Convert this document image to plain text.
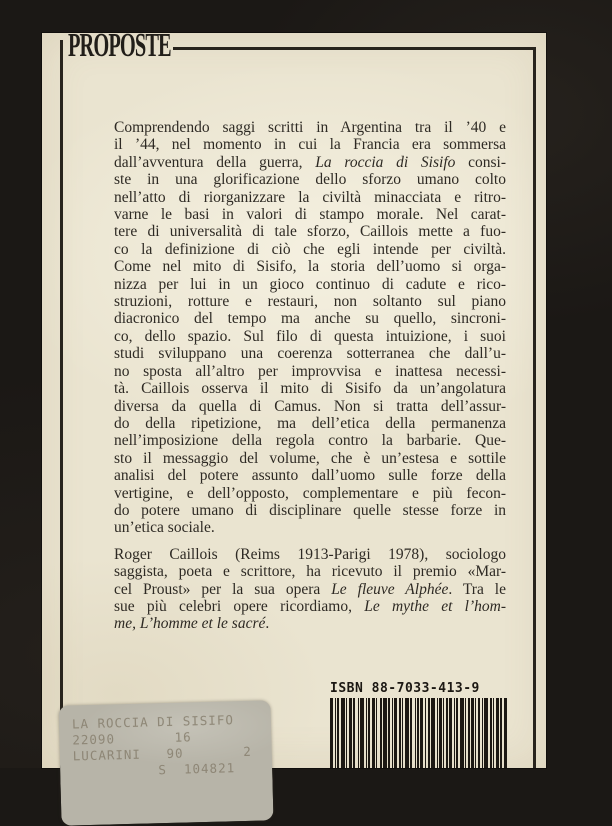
PROPOSTE
Comprendendo saggi scritti in Argentina tra il ’40 e
il ’44, nel momento in cui la Francia era sommersa
dall’avventura della guerra, La roccia di Sisifo consi-
ste in una glorificazione dello sforzo umano colto
nell’atto di riorganizzare la civiltà minacciata e ritro-
varne le basi in valori di stampo morale. Nel carat-
tere di universalità di tale sforzo, Caillois mette a fuo-
co la definizione di ciò che egli intende per civiltà.
Come nel mito di Sisifo, la storia dell’uomo si orga-
nizza per lui in un gioco continuo di cadute e rico-
struzioni, rotture e restauri, non soltanto sul piano
diacronico del tempo ma anche su quello, sincroni-
co, dello spazio. Sul filo di questa intuizione, i suoi
studi sviluppano una coerenza sotterranea che dall’u-
no sposta all’altro per improvvisa e inattesa necessi-
tà. Caillois osserva il mito di Sisifo da un’angolatura
diversa da quella di Camus. Non si tratta dell’assur-
do della ripetizione, ma dell’etica della permanenza
nell’imposizione della regola contro la barbarie. Que-
sto il messaggio del volume, che è un’estesa e sottile
analisi del potere assunto dall’uomo sulle forze della
vertigine, e dell’opposto, complementare e più fecon-
do potere umano di disciplinare quelle stesse forze in
un’etica sociale.
Roger Caillois (Reims 1913-Parigi 1978), sociologo
saggista, poeta e scrittore, ha ricevuto il premio «Mar-
cel Proust» per la sua opera Le fleuve Alphée. Tra le
sue più celebri opere ricordiamo, Le mythe et l’hom-
me, L’homme et le sacré.
ISBN 88-7033-413-9
LA ROCCIA DI SISIFO
22090       16
LUCARINI   90       2
S  104821
